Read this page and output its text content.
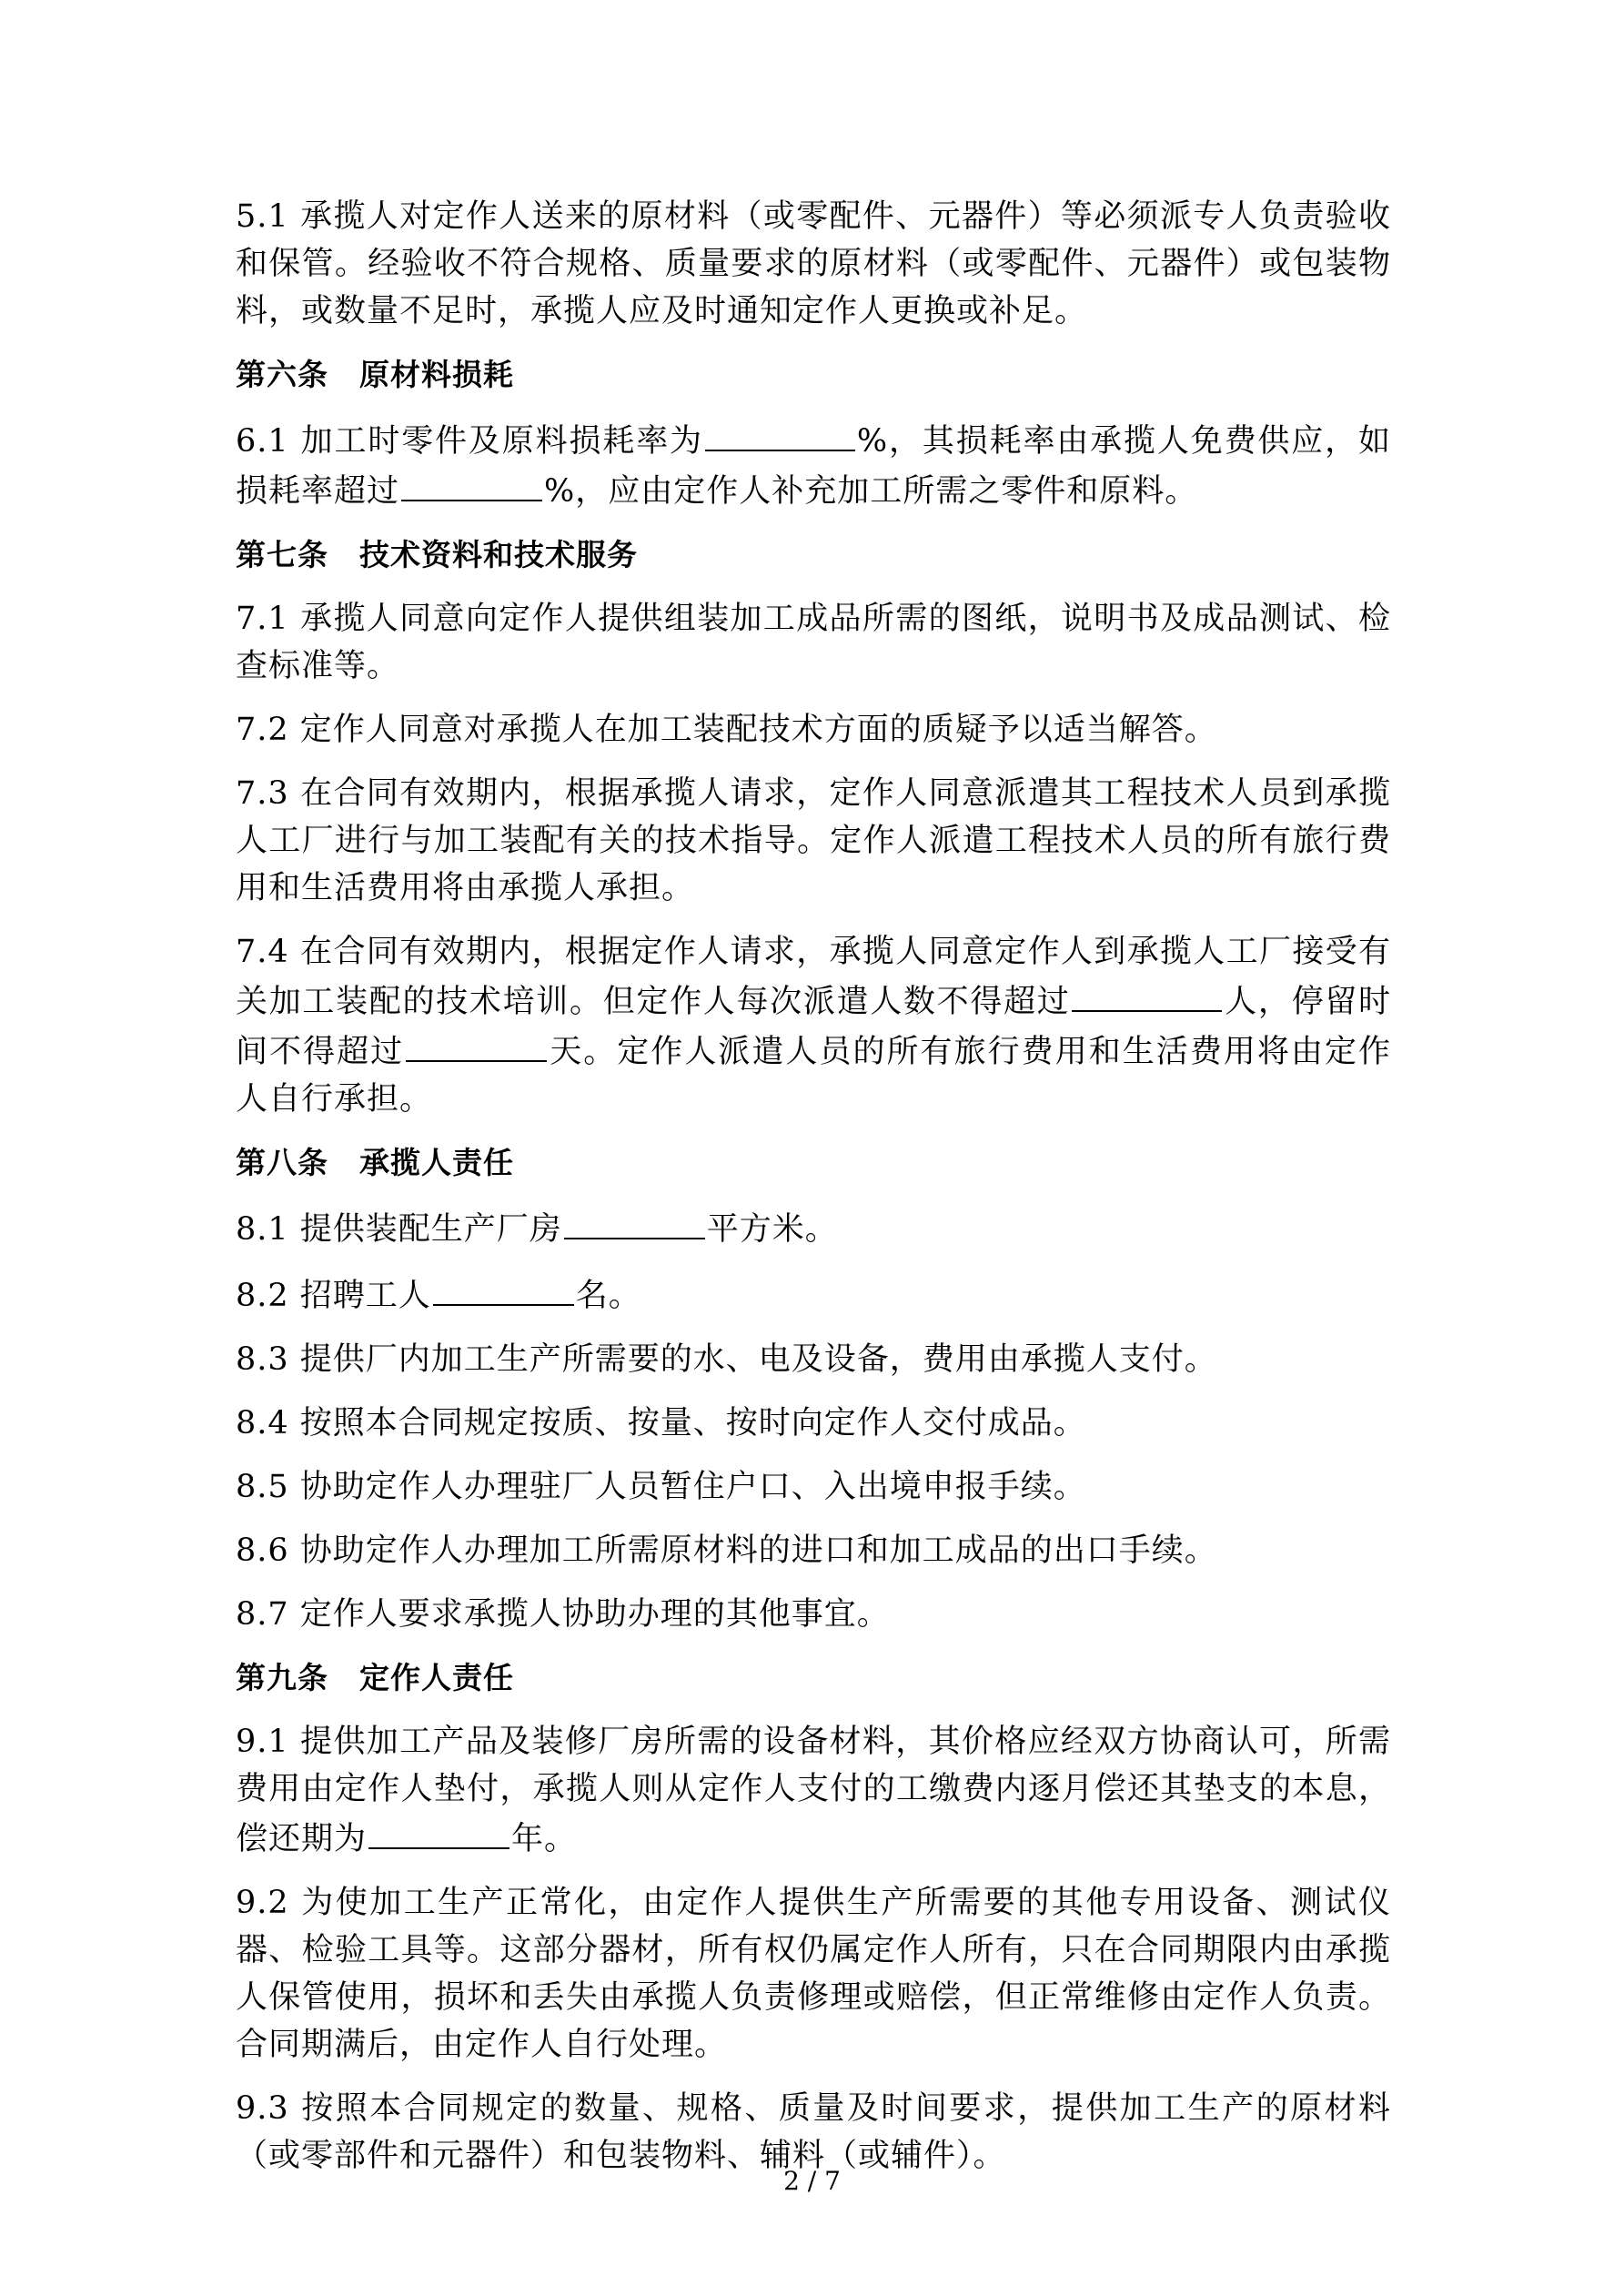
5.1 承揽人对定作人送来的原材料（或零配件、元器件）等必须派专人负责验收和保管。经验收不符合规格、质量要求的原材料（或零配件、元器件）或包装物料，或数量不足时，承揽人应及时通知定作人更换或补足。

第六条　原材料损耗

6.1 加工时零件及原料损耗率为	%，其损耗率由承揽人免费供应，如损耗率超过	%，应由定作人补充加工所需之零件和原料。

第七条　技术资料和技术服务

7.1 承揽人同意向定作人提供组装加工成品所需的图纸，说明书及成品测试、检查标准等。

7.2 定作人同意对承揽人在加工装配技术方面的质疑予以适当解答。

7.3 在合同有效期内，根据承揽人请求，定作人同意派遣其工程技术人员到承揽人工厂进行与加工装配有关的技术指导。定作人派遣工程技术人员的所有旅行费用和生活费用将由承揽人承担。

7.4 在合同有效期内，根据定作人请求，承揽人同意定作人到承揽人工厂接受有关加工装配的技术培训。但定作人每次派遣人数不得超过	人，停留时间不得超过	天。定作人派遣人员的所有旅行费用和生活费用将由定作人自行承担。

第八条　承揽人责任

8.1 提供装配生产厂房	平方米。

8.2 招聘工人	名。

8.3 提供厂内加工生产所需要的水、电及设备，费用由承揽人支付。

8.4 按照本合同规定按质、按量、按时向定作人交付成品。

8.5 协助定作人办理驻厂人员暂住户口、入出境申报手续。

8.6 协助定作人办理加工所需原材料的进口和加工成品的出口手续。

8.7 定作人要求承揽人协助办理的其他事宜。

第九条　定作人责任

9.1 提供加工产品及装修厂房所需的设备材料，其价格应经双方协商认可，所需费用由定作人垫付，承揽人则从定作人支付的工缴费内逐月偿还其垫支的本息，偿还期为	年。

9.2 为使加工生产正常化，由定作人提供生产所需要的其他专用设备、测试仪器、检验工具等。这部分器材，所有权仍属定作人所有，只在合同期限内由承揽人保管使用，损坏和丢失由承揽人负责修理或赔偿，但正常维修由定作人负责。合同期满后，由定作人自行处理。

9.3 按照本合同规定的数量、规格、质量及时间要求，提供加工生产的原材料（或零部件和元器件）和包装物料、辅料（或辅件）。

2 / 7
